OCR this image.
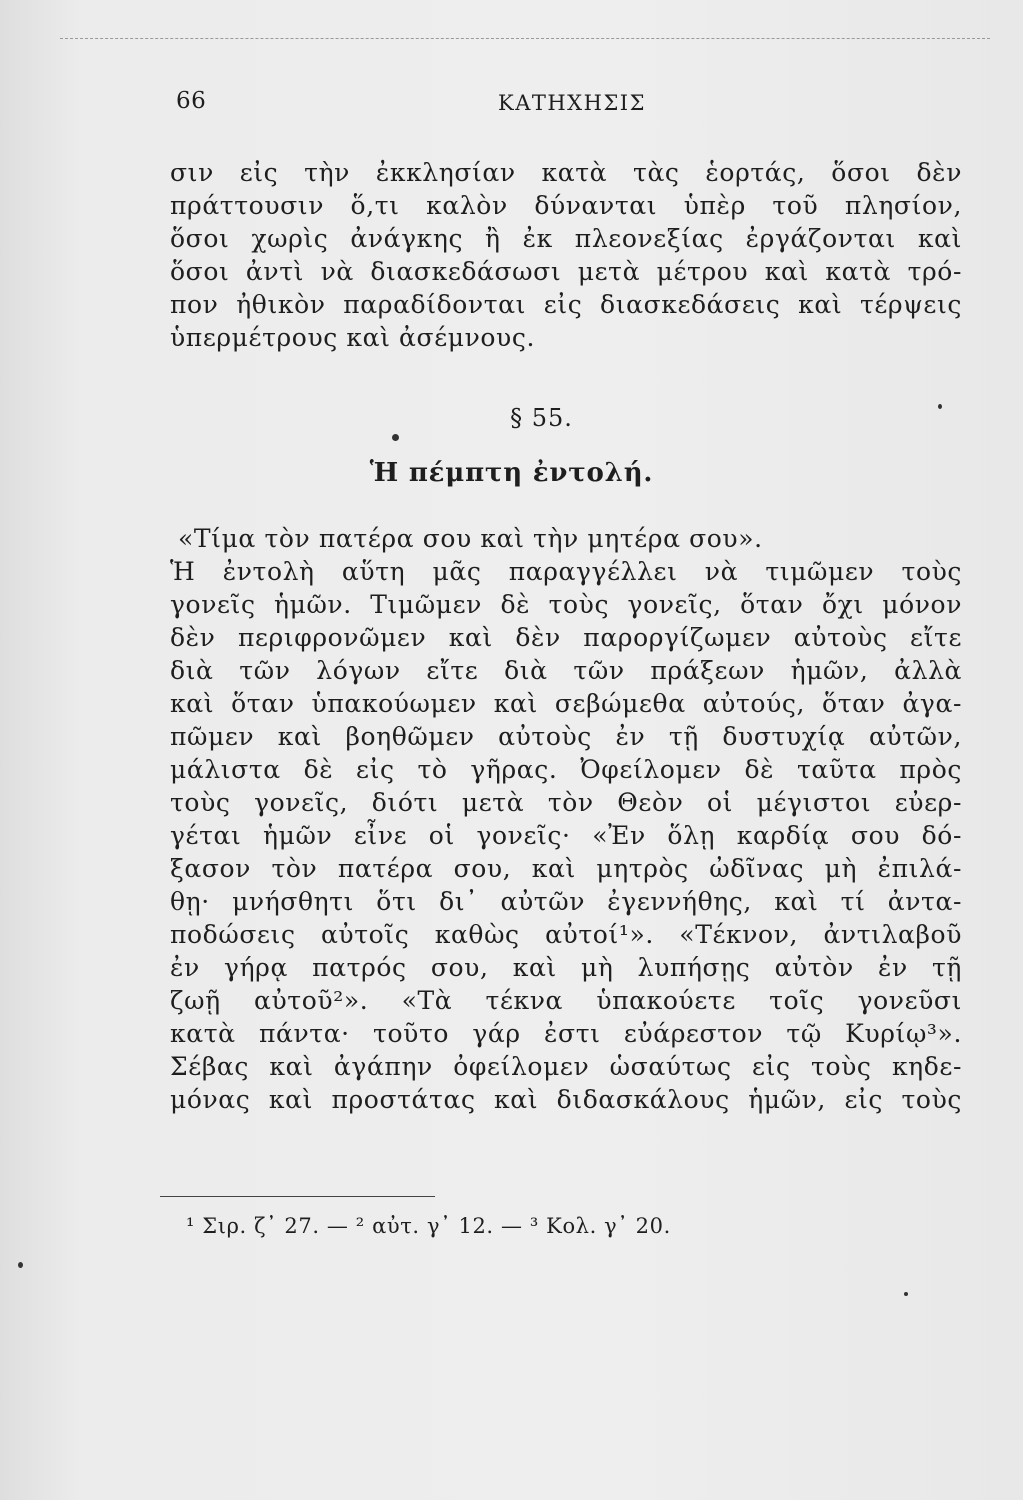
66	ΚΑΤΗΧΗΣΙΣ
σιν εἰς τὴν ἐκκλησίαν κατὰ τὰς ἑορτάς, ὅσοι δὲν
πράττουσιν ὅ,τι καλὸν δύνανται ὑπὲρ τοῦ πλησίον,
ὅσοι χωρὶς ἀνάγκης ἢ ἐκ πλεονεξίας ἐργάζονται καὶ
ὅσοι ἀντὶ νὰ διασκεδάσωσι μετὰ μέτρου καὶ κατὰ τρό-
πον ἠθικὸν παραδίδονται εἰς διασκεδάσεις καὶ τέρψεις
ὑπερμέτρους καὶ ἀσέμνους.
§ 55.
Ἡ πέμπτη ἐντολή.
«Τίμα τὸν πατέρα σου καὶ τὴν μητέρα σου».
Ἡ ἐντολὴ αὕτη μᾶς παραγγέλλει νὰ τιμῶμεν τοὺς
γονεῖς ἡμῶν. Τιμῶμεν δὲ τοὺς γονεῖς, ὅταν ὄχι μόνον
δὲν περιφρονῶμεν καὶ δὲν παροργίζωμεν αὐτοὺς εἴτε
διὰ τῶν λόγων εἴτε διὰ τῶν πράξεων ἡμῶν, ἀλλὰ
καὶ ὅταν ὑπακούωμεν καὶ σεβώμεθα αὐτούς, ὅταν ἀγα-
πῶμεν καὶ βοηθῶμεν αὐτοὺς ἐν τῇ δυστυχίᾳ αὐτῶν,
μάλιστα δὲ εἰς τὸ γῆρας. Ὀφείλομεν δὲ ταῦτα πρὸς
τοὺς γονεῖς, διότι μετὰ τὸν Θεὸν οἱ μέγιστοι εὐερ-
γέται ἡμῶν εἶνε οἱ γονεῖς· «Ἐν ὅλῃ καρδίᾳ σου δό-
ξασον τὸν πατέρα σου, καὶ μητρὸς ὠδῖνας μὴ ἐπιλά-
θῃ· μνήσθητι ὅτι δι᾽ αὐτῶν ἐγεννήθης, καὶ τί ἀντα-
ποδώσεις αὐτοῖς καθὼς αὐτοί¹». «Τέκνον, ἀντιλαβοῦ
ἐν γήρᾳ πατρός σου, καὶ μὴ λυπήσῃς αὐτὸν ἐν τῇ
ζωῇ αὐτοῦ²». «Τὰ τέκνα ὑπακούετε τοῖς γονεῦσι
κατὰ πάντα· τοῦτο γάρ ἐστι εὐάρεστον τῷ Κυρίῳ³».
Σέβας καὶ ἀγάπην ὀφείλομεν ὡσαύτως εἰς τοὺς κηδε-
μόνας καὶ προστάτας καὶ διδασκάλους ἡμῶν, εἰς τοὺς
¹ Σιρ. ζ᾽ 27. — ² αὐτ. γ᾽ 12. — ³ Κολ. γ᾽ 20.
